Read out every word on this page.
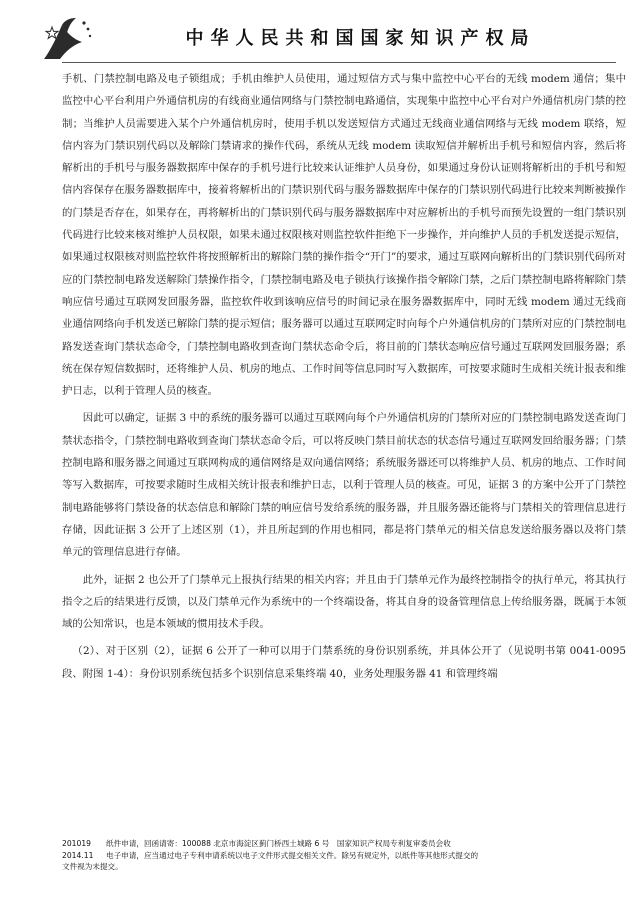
中华人民共和国国家知识产权局

手机、门禁控制电路及电子锁组成；手机由维护人员使用，通过短信方式与集中监控中心平台的无线 modem 通信；集中监控中心平台利用户外通信机房的有线商业通信网络与门禁控制电路通信，实现集中监控中心平台对户外通信机房门禁的控制；当维护人员需要进入某个户外通信机房时，使用手机以发送短信方式通过无线商业通信网络与无线 modem 联络，短信内容为门禁识别代码以及解除门禁请求的操作代码，系统从无线 modem 读取短信并解析出手机号和短信内容，然后将解析出的手机号与服务器数据库中保存的手机号进行比较来认证维护人员身份，如果通过身份认证则将解析出的手机号和短信内容保存在服务器数据库中，接着将解析出的门禁识别代码与服务器数据库中保存的门禁识别代码进行比较来判断被操作的门禁是否存在，如果存在，再将解析出的门禁识别代码与服务器数据库中对应解析出的手机号而预先设置的一组门禁识别代码进行比较来核对维护人员权限，如果未通过权限核对则监控软件拒绝下一步操作，并向维护人员的手机发送提示短信，如果通过权限核对则监控软件将按照解析出的解除门禁的操作指令“开门”的要求，通过互联网向解析出的门禁识别代码所对应的门禁控制电路发送解除门禁操作指令，门禁控制电路及电子锁执行该操作指令解除门禁，之后门禁控制电路将解除门禁响应信号通过互联网发回服务器，监控软件收到该响应信号的时间记录在服务器数据库中，同时无线 modem 通过无线商业通信网络向手机发送已解除门禁的提示短信；服务器可以通过互联网定时向每个户外通信机房的门禁所对应的门禁控制电路发送查询门禁状态命令，门禁控制电路收到查询门禁状态命令后，将目前的门禁状态响应信号通过互联网发回服务器；系统在保存短信数据时，还将维护人员、机房的地点、工作时间等信息同时写入数据库，可按要求随时生成相关统计报表和维护日志，以利于管理人员的核查。

因此可以确定，证据 3 中的系统的服务器可以通过互联网向每个户外通信机房的门禁所对应的门禁控制电路发送查询门禁状态指令，门禁控制电路收到查询门禁状态命令后，可以将反映门禁目前状态的状态信号通过互联网发回给服务器；门禁控制电路和服务器之间通过互联网构成的通信网络是双向通信网络；系统服务器还可以将维护人员、机房的地点、工作时间等写入数据库，可按要求随时生成相关统计报表和维护日志，以利于管理人员的核查。可见，证据 3 的方案中公开了门禁控制电路能够将门禁设备的状态信息和解除门禁的响应信号发给系统的服务器，并且服务器还能将与门禁相关的管理信息进行存储，因此证据 3 公开了上述区别（1），并且所起到的作用也相同，都是将门禁单元的相关信息发送给服务器以及将门禁单元的管理信息进行存储。

此外，证据 2 也公开了门禁单元上报执行结果的相关内容；并且由于门禁单元作为最终控制指令的执行单元，将其执行指令之后的结果进行反馈，以及门禁单元作为系统中的一个终端设备，将其自身的设备管理信息上传给服务器，既属于本领域的公知常识，也是本领域的惯用技术手段。

（2）、对于区别（2），证据 6 公开了一种可以用于门禁系统的身份识别系统，并具体公开了（见说明书第 0041-0095 段、附图 1-4）：身份识别系统包括多个识别信息采集终端 40，业务处理服务器 41 和管理终端

201019	纸件申请，回函请寄：100088 北京市海淀区蓟门桥西土城路 6 号　国家知识产权局专利复审委员会收
2014.11	电子申请，应当通过电子专利申请系统以电子文件形式提交相关文件。除另有规定外，以纸件等其他形式提交的
文件视为未提交。
